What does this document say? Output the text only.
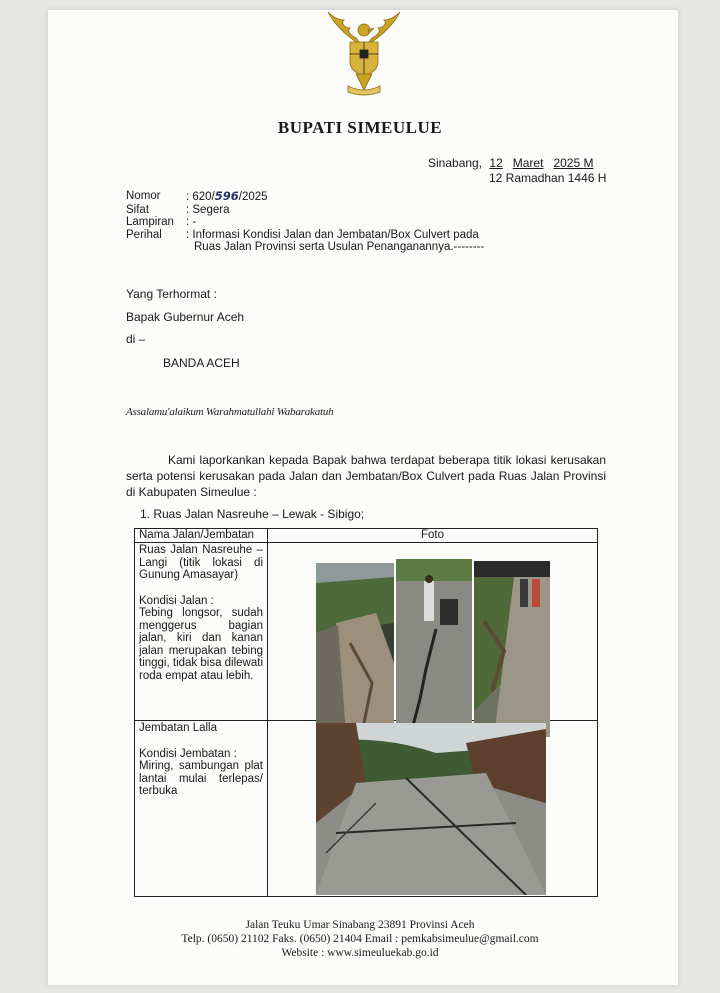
BUPATI SIMEULUE
Sinabang, 12 Maret 2025 M
12 Ramadhan 1446 H
Nomor	: 620/596/2025
Sifat	: Segera
Lampiran	: -
Perihal	: Informasi Kondisi Jalan dan Jembatan/Box Culvert pada
Ruas Jalan Provinsi serta Usulan Penanganannya.--------
Yang Terhormat :
Bapak Gubernur Aceh
di –
BANDA ACEH
Assalamu'alaikum Warahmatullahi Wabarakatuh
Kami laporkankan kepada Bapak bahwa terdapat beberapa titik lokasi kerusakan serta potensi kerusakan pada Jalan dan Jembatan/Box Culvert pada Ruas Jalan Provinsi di Kabupaten Simeulue :
1. Ruas Jalan Nasreuhe – Lewak - Sibigo;
Nama Jalan/Jembatan	Foto

Ruas Jalan Nasreuhe – Langi (titik lokasi di Gunung Amasayar)
Kondisi Jalan :
Tebing longsor, sudah menggerus bagian jalan, kiri dan kanan jalan merupakan tebing tinggi, tidak bisa dilewati roda empat atau lebih.

Jembatan Lalla
Kondisi Jembatan :
Miring, sambungan plat lantai mulai terlepas/ terbuka

Jalan Teuku Umar Sinabang 23891 Provinsi Aceh
Telp. (0650) 21102 Faks. (0650) 21404 Email : pemkabsimeulue@gmail.com
Website : www.simeuluekab.go.id
